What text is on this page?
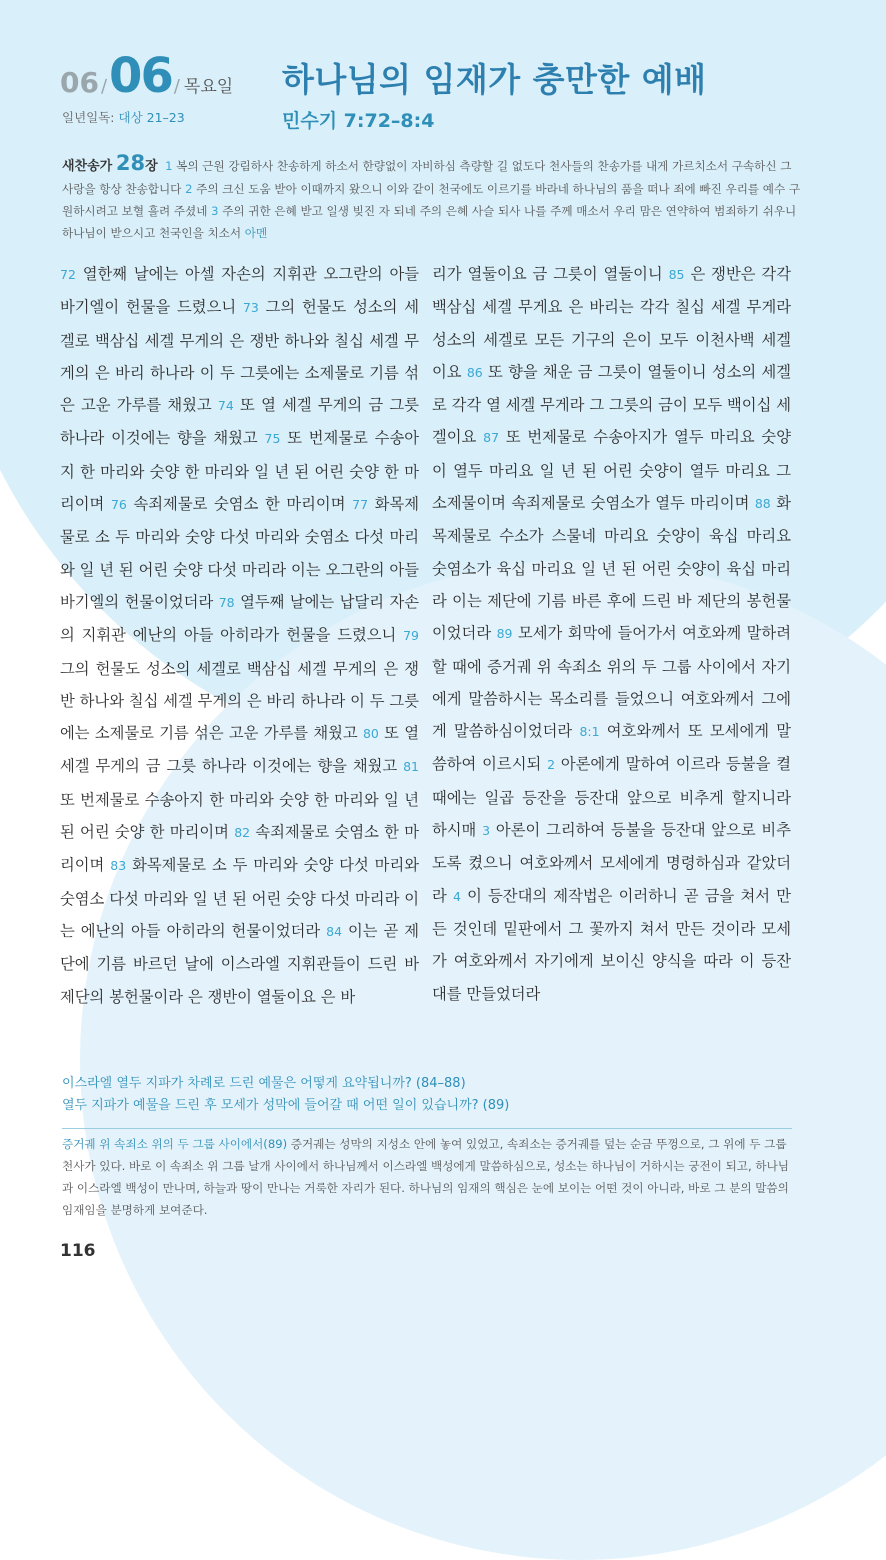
06 / 06 / 목요일
일년일독: 대상 21–23
하나님의 임재가 충만한 예배
민수기 7:72–8:4
새찬송가 28장 1 복의 근원 강림하사 찬송하게 하소서 한량없이 자비하심 측량할 길 없도다 천사들의 찬송가를 내게 가르치소서 구속하신 그 사랑을 항상 찬송합니다 2 주의 크신 도움 받아 이때까지 왔으니 이와 같이 천국에도 이르기를 바라네 하나님의 품을 떠나 죄에 빠진 우리를 예수 구원하시려고 보혈 흘려 주셨네 3 주의 귀한 은혜 받고 일생 빚진 자 되네 주의 은혜 사슬 되사 나를 주께 매소서 우리 맘은 연약하여 범죄하기 쉬우니 하나님이 받으시고 천국인을 치소서 아멘
72 열한째 날에는 아셀 자손의 지휘관 오그란의 아들 바기엘이 헌물을 드렸으니 73 그의 헌물도 성소의 세겔로 백삼십 세겔 무게의 은 쟁반 하나와 칠십 세겔 무게의 은 바리 하나라 이 두 그릇에는 소제물로 기름 섞은 고운 가루를 채웠고 74 또 열 세겔 무게의 금 그릇 하나라 이것에는 향을 채웠고 75 또 번제물로 수송아지 한 마리와 숫양 한 마리와 일 년 된 어린 숫양 한 마리이며 76 속죄제물로 숫염소 한 마리이며 77 화목제물로 소 두 마리와 숫양 다섯 마리와 숫염소 다섯 마리와 일 년 된 어린 숫양 다섯 마리라 이는 오그란의 아들 바기엘의 헌물이었더라 78 열두째 날에는 납달리 자손의 지휘관 에난의 아들 아히라가 헌물을 드렸으니 79 그의 헌물도 성소의 세겔로 백삼십 세겔 무게의 은 쟁반 하나와 칠십 세겔 무게의 은 바리 하나라 이 두 그릇에는 소제물로 기름 섞은 고운 가루를 채웠고 80 또 열 세겔 무게의 금 그릇 하나라 이것에는 향을 채웠고 81 또 번제물로 수송아지 한 마리와 숫양 한 마리와 일 년 된 어린 숫양 한 마리이며 82 속죄제물로 숫염소 한 마리이며 83 화목제물로 소 두 마리와 숫양 다섯 마리와 숫염소 다섯 마리와 일 년 된 어린 숫양 다섯 마리라 이는 에난의 아들 아히라의 헌물이었더라 84 이는 곧 제단에 기름 바르던 날에 이스라엘 지휘관들이 드린 바 제단의 봉헌물이라 은 쟁반이 열둘이요 은 바
리가 열둘이요 금 그릇이 열둘이니 85 은 쟁반은 각각 백삼십 세겔 무게요 은 바리는 각각 칠십 세겔 무게라 성소의 세겔로 모든 기구의 은이 모두 이천사백 세겔이요 86 또 향을 채운 금 그릇이 열둘이니 성소의 세겔로 각각 열 세겔 무게라 그 그릇의 금이 모두 백이십 세겔이요 87 또 번제물로 수송아지가 열두 마리요 숫양이 열두 마리요 일 년 된 어린 숫양이 열두 마리요 그 소제물이며 속죄제물로 숫염소가 열두 마리이며 88 화목제물로 수소가 스물네 마리요 숫양이 육십 마리요 숫염소가 육십 마리요 일 년 된 어린 숫양이 육십 마리라 이는 제단에 기름 바른 후에 드린 바 제단의 봉헌물이었더라 89 모세가 회막에 들어가서 여호와께 말하려 할 때에 증거궤 위 속죄소 위의 두 그룹 사이에서 자기에게 말씀하시는 목소리를 들었으니 여호와께서 그에게 말씀하심이었더라 8:1 여호와께서 또 모세에게 말씀하여 이르시되 2 아론에게 말하여 이르라 등불을 켤 때에는 일곱 등잔을 등잔대 앞으로 비추게 할지니라 하시매 3 아론이 그리하여 등불을 등잔대 앞으로 비추도록 켰으니 여호와께서 모세에게 명령하심과 같았더라 4 이 등잔대의 제작법은 이러하니 곧 금을 쳐서 만든 것인데 밑판에서 그 꽃까지 쳐서 만든 것이라 모세가 여호와께서 자기에게 보이신 양식을 따라 이 등잔대를 만들었더라
이스라엘 열두 지파가 차례로 드린 예물은 어떻게 요약됩니까? (84–88)
열두 지파가 예물을 드린 후 모세가 성막에 들어갈 때 어떤 일이 있습니까? (89)
증거궤 위 속죄소 위의 두 그룹 사이에서(89) 증거궤는 성막의 지성소 안에 놓여 있었고, 속죄소는 증거궤를 덮는 순금 뚜껑으로, 그 위에 두 그룹 천사가 있다. 바로 이 속죄소 위 그룹 날개 사이에서 하나님께서 이스라엘 백성에게 말씀하심으로, 성소는 하나님이 거하시는 궁전이 되고, 하나님과 이스라엘 백성이 만나며, 하늘과 땅이 만나는 거룩한 자리가 된다. 하나님의 임재의 핵심은 눈에 보이는 어떤 것이 아니라, 바로 그 분의 말씀의 임재임을 분명하게 보여준다.
116
